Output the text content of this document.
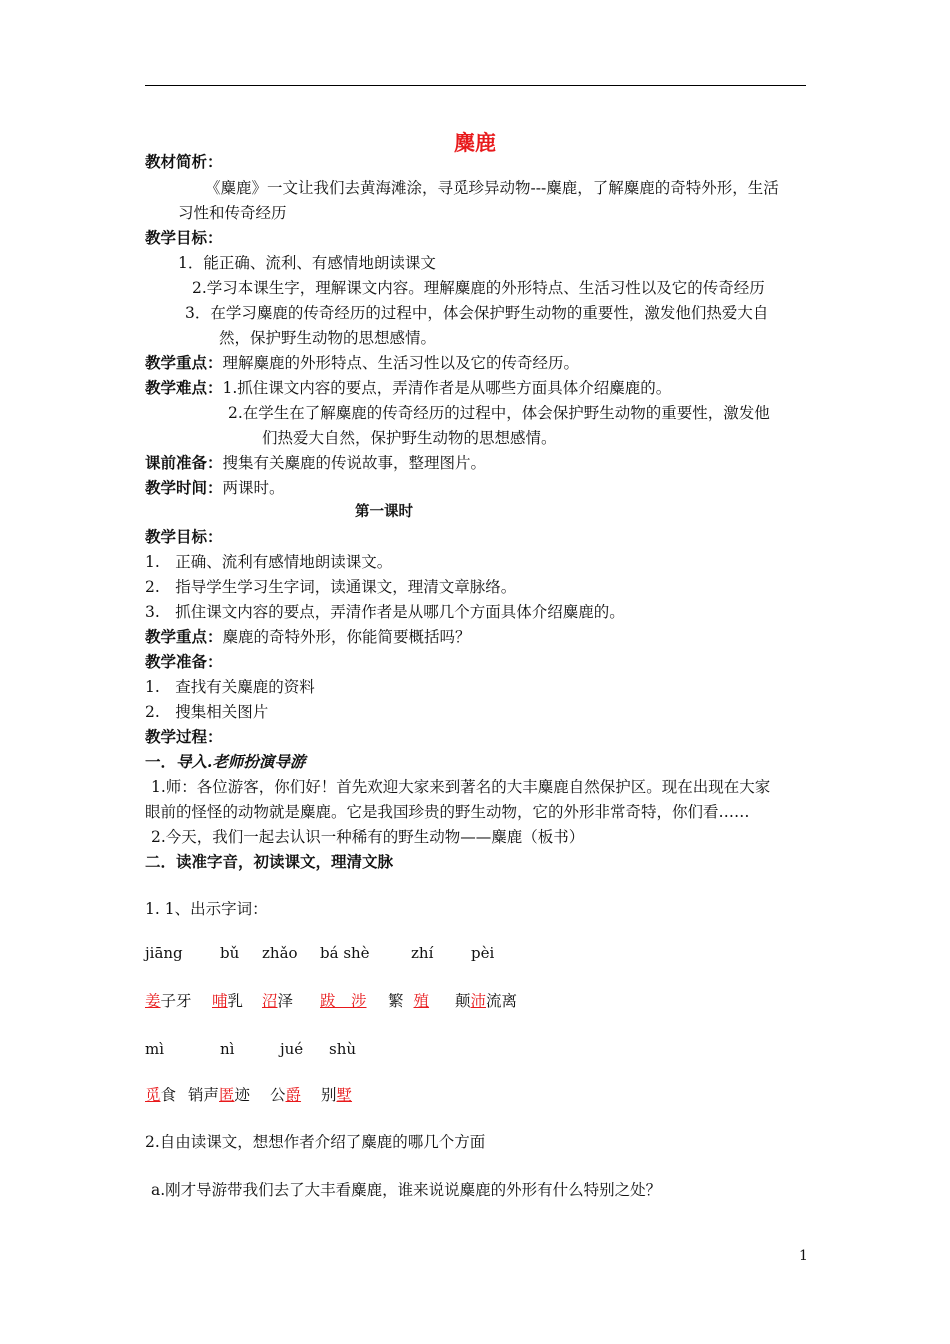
麋鹿
教材简析：
《麋鹿》一文让我们去黄海滩涂，寻觅珍异动物---麋鹿，了解麋鹿的奇特外形，生活
习性和传奇经历
教学目标：
1．能正确、流利、有感情地朗读课文
2.学习本课生字，理解课文内容。理解麋鹿的外形特点、生活习性以及它的传奇经历
3．在学习麋鹿的传奇经历的过程中，体会保护野生动物的重要性，激发他们热爱大自
然，保护野生动物的思想感情。
教学重点：理解麋鹿的外形特点、生活习性以及它的传奇经历。
教学难点：1.抓住课文内容的要点，弄清作者是从哪些方面具体介绍麋鹿的。
2.在学生在了解麋鹿的传奇经历的过程中，体会保护野生动物的重要性，激发他
们热爱大自然，保护野生动物的思想感情。
课前准备：搜集有关麋鹿的传说故事，整理图片。
教学时间：两课时。
第一课时
教学目标：
1.　正确、流利有感情地朗读课文。
2.　指导学生学习生字词，读通课文，理清文章脉络。
3.　抓住课文内容的要点，弄清作者是从哪几个方面具体介绍麋鹿的。
教学重点：麋鹿的奇特外形，你能简要概括吗？
教学准备：
1.　查找有关麋鹿的资料
2.　搜集相关图片
教学过程：
一．导入.老师扮演导游
1.师：各位游客，你们好！首先欢迎大家来到著名的大丰麋鹿自然保护区。现在出现在大家
眼前的怪怪的动物就是麋鹿。它是我国珍贵的野生动物，它的外形非常奇特，你们看……
2.今天，我们一起去认识一种稀有的野生动物——麋鹿（板书）
二．读准字音，初读课文，理清文脉
1. 1、出示字词：
jiāng bǔ zhǎo bá shè	zhí	pèi
姜子牙 哺乳 沼泽 跋　涉 繁 殖 颠沛流离
mì	nì	jué shù
觅食 销声匿迹 公爵 别墅
2.自由读课文，想想作者介绍了麋鹿的哪几个方面
a.刚才导游带我们去了大丰看麋鹿，谁来说说麋鹿的外形有什么特别之处？
1
